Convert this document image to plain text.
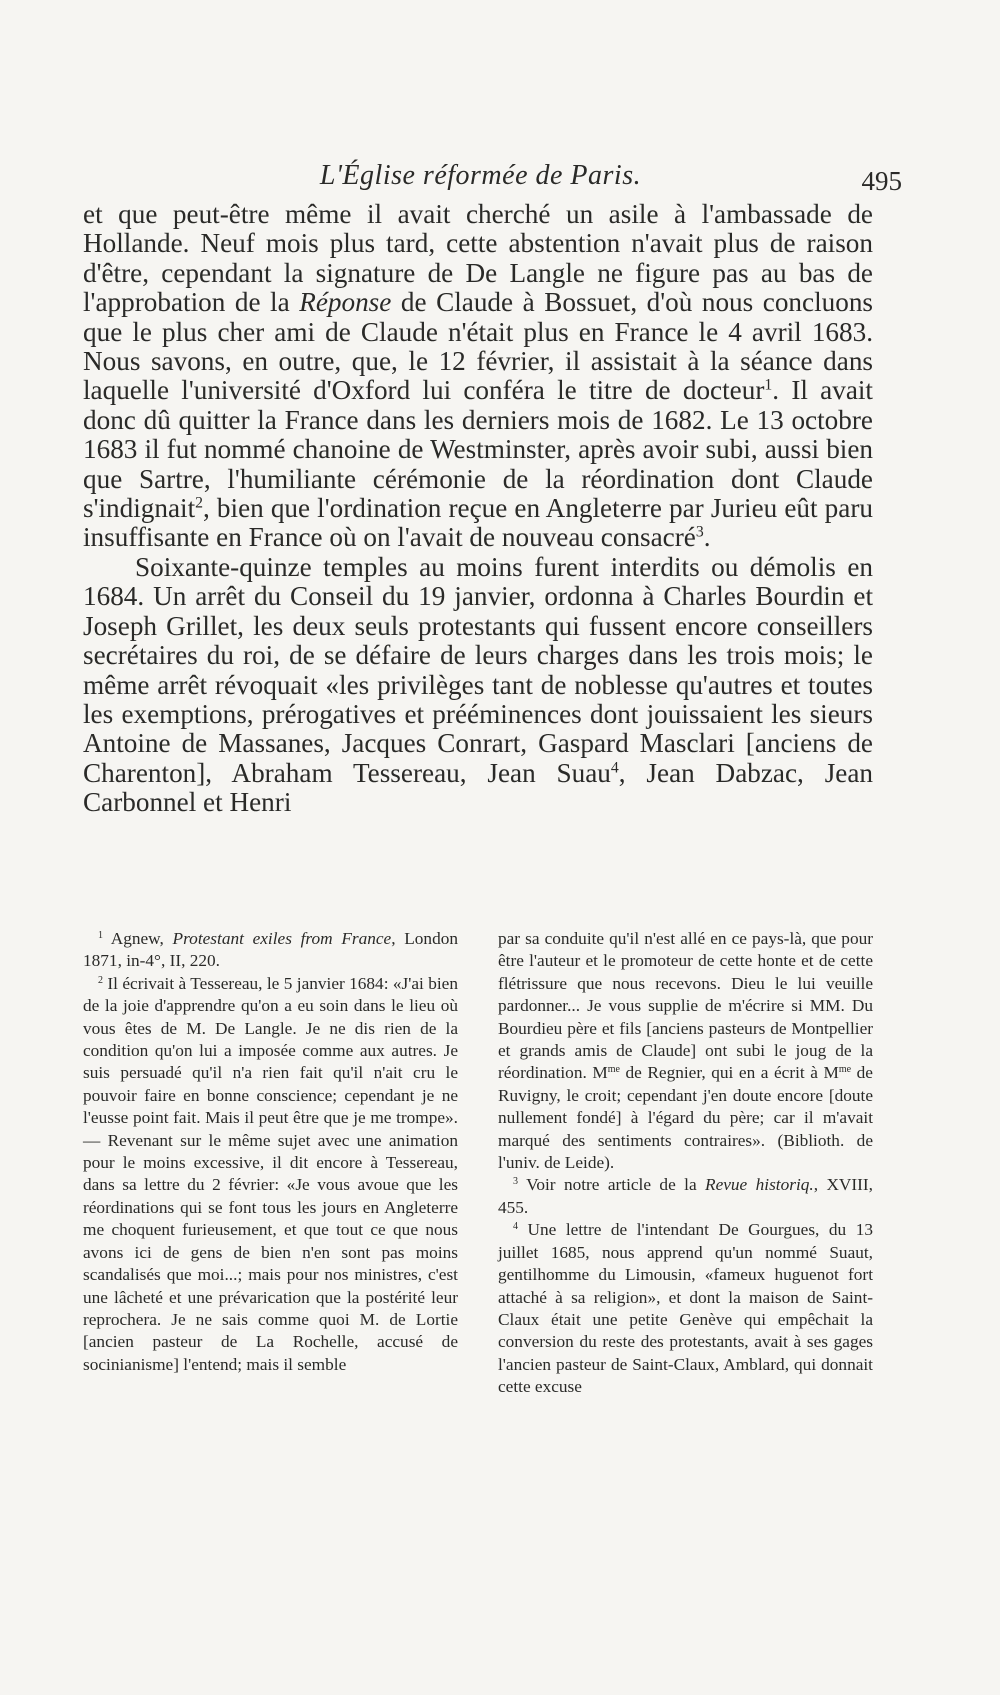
L'Église réformée de Paris.	495

et que peut-être même il avait cherché un asile à l'ambassade de Hollande. Neuf mois plus tard, cette abstention n'avait plus de raison d'être, cependant la signature de De Langle ne figure pas au bas de l'approbation de la Réponse de Claude à Bossuet, d'où nous concluons que le plus cher ami de Claude n'était plus en France le 4 avril 1683. Nous savons, en outre, que, le 12 février, il assistait à la séance dans laquelle l'université d'Oxford lui conféra le titre de docteur$^1$. Il avait donc dû quitter la France dans les derniers mois de 1682. Le 13 octobre 1683 il fut nommé chanoine de Westminster, après avoir subi, aussi bien que Sartre, l'humiliante cérémonie de la réordination dont Claude s'indignait$^2$, bien que l'ordination reçue en Angleterre par Jurieu eût paru insuffisante en France où on l'avait de nouveau consacré$^3$.

Soixante-quinze temples au moins furent interdits ou démolis en 1684. Un arrêt du Conseil du 19 janvier, ordonna à Charles Bourdin et Joseph Grillet, les deux seuls protestants qui fussent encore conseillers secrétaires du roi, de se défaire de leurs charges dans les trois mois; le même arrêt révoquait «les privilèges tant de noblesse qu'autres et toutes les exemptions, prérogatives et prééminences dont jouissaient les sieurs Antoine de Massanes, Jacques Conrart, Gaspard Masclari [anciens de Charenton], Abraham Tessereau, Jean Suau$^4$, Jean Dabzac, Jean Carbonnel et Henri

$^1$ Agnew, Protestant exiles from France, London 1871, in-4°, II, 220.

$^2$ Il écrivait à Tessereau, le 5 janvier 1684: «J'ai bien de la joie d'apprendre qu'on a eu soin dans le lieu où vous êtes de M. De Langle. Je ne dis rien de la condition qu'on lui a imposée comme aux autres. Je suis persuadé qu'il n'a rien fait qu'il n'ait cru le pouvoir faire en bonne conscience; cependant je ne l'eusse point fait. Mais il peut être que je me trompe». — Revenant sur le même sujet avec une animation pour le moins excessive, il dit encore à Tessereau, dans sa lettre du 2 février: «Je vous avoue que les réordinations qui se font tous les jours en Angleterre me choquent furieusement, et que tout ce que nous avons ici de gens de bien n'en sont pas moins scandalisés que moi...; mais pour nos ministres, c'est une lâcheté et une prévarication que la postérité leur reprochera. Je ne sais comme quoi M. de Lortie [ancien pasteur de La Rochelle, accusé de socinianisme] l'entend; mais il semble

par sa conduite qu'il n'est allé en ce pays-là, que pour être l'auteur et le promoteur de cette honte et de cette flétrissure que nous recevons. Dieu le lui veuille pardonner... Je vous supplie de m'écrire si MM. Du Bourdieu père et fils [anciens pasteurs de Montpellier et grands amis de Claude] ont subi le joug de la réordination. $M^{me}$ de Regnier, qui en a écrit à $M^{me}$ de Ruvigny, le croit; cependant j'en doute encore [doute nullement fondé] à l'égard du père; car il m'avait marqué des sentiments contraires». (Biblioth. de l'univ. de Leide).

$^3$ Voir notre article de la Revue historiq., XVIII, 455.

$^4$ Une lettre de l'intendant De Gourgues, du 13 juillet 1685, nous apprend qu'un nommé Suaut, gentilhomme du Limousin, «fameux huguenot fort attaché à sa religion», et dont la maison de Saint-Claux était une petite Genève qui empêchait la conversion du reste des protestants, avait à ses gages l'ancien pasteur de Saint-Claux, Amblard, qui donnait cette excuse
